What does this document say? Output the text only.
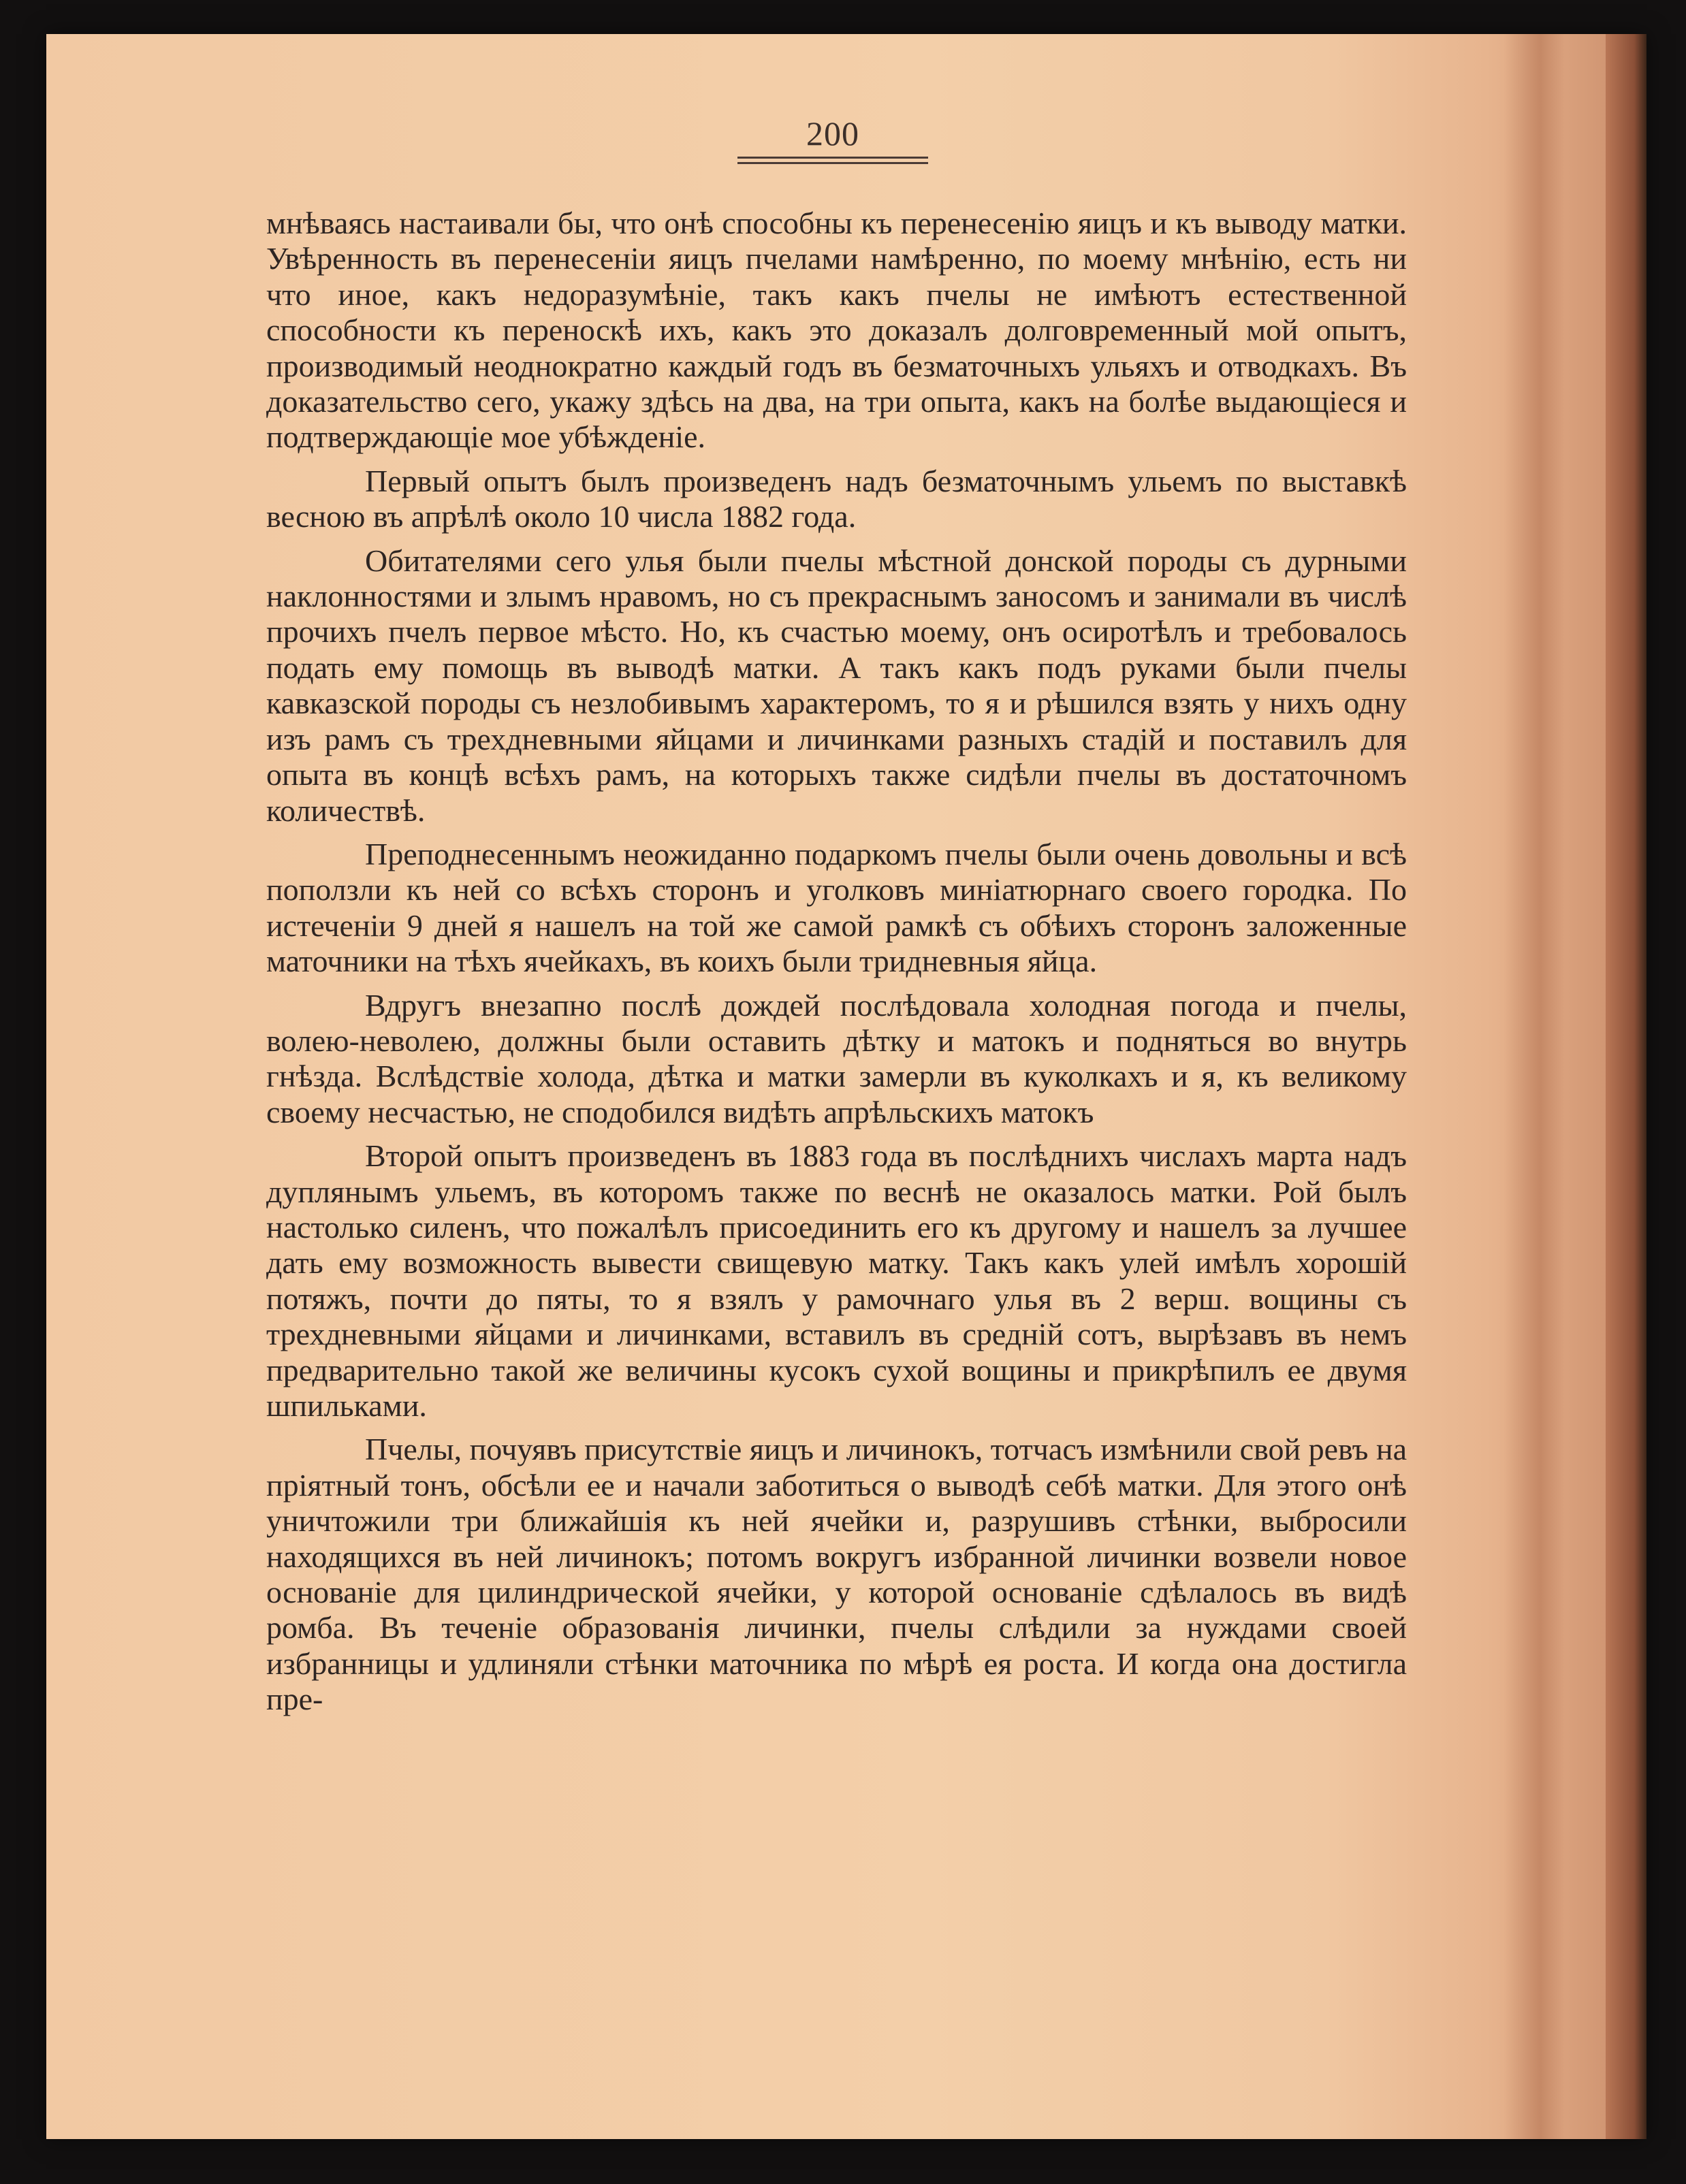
200

мнѣваясь настаивали бы, что онѣ способны къ перенесенію яицъ и къ выводу матки. Увѣренность въ перенесеніи яицъ пчелами намѣренно, по моему мнѣнію, есть ни что иное, какъ недоразумѣніе, такъ какъ пчелы не имѣютъ естественной способности къ переноскѣ ихъ, какъ это доказалъ долговременный мой опытъ, производимый неоднократно каждый годъ въ безматочныхъ ульяхъ и отводкахъ. Въ доказательство сего, укажу здѣсь на два, на три опыта, какъ на болѣе выдающіеся и подтверждающіе мое убѣжденіе.

Первый опытъ былъ произведенъ надъ безматочнымъ ульемъ по выставкѣ весною въ апрѣлѣ около 10 числа 1882 года.

Обитателями сего улья были пчелы мѣстной донской породы съ дурными наклонностями и злымъ нравомъ, но съ прекраснымъ заносомъ и занимали въ числѣ прочихъ пчелъ первое мѣсто. Но, къ счастью моему, онъ осиротѣлъ и требовалось подать ему помощь въ выводѣ матки. А такъ какъ подъ руками были пчелы кавказской породы съ незлобивымъ характеромъ, то я и рѣшился взять у нихъ одну изъ рамъ съ трехдневными яйцами и личинками разныхъ стадій и поставилъ для опыта въ концѣ всѣхъ рамъ, на которыхъ также сидѣли пчелы въ достаточномъ количествѣ.

Преподнесеннымъ неожиданно подаркомъ пчелы были очень довольны и всѣ поползли къ ней со всѣхъ сторонъ и уголковъ миніатюрнаго своего городка. По истеченіи 9 дней я нашелъ на той же самой рамкѣ съ обѣихъ сторонъ заложенные маточники на тѣхъ ячейкахъ, въ коихъ были тридневныя яйца.

Вдругъ внезапно послѣ дождей послѣдовала холодная погода и пчелы, волею-неволею, должны были оставить дѣтку и матокъ и подняться во внутрь гнѣзда. Вслѣдствіе холода, дѣтка и матки замерли въ куколкахъ и я, къ великому своему несчастью, не сподобился видѣть апрѣльскихъ матокъ

Второй опытъ произведенъ въ 1883 года въ послѣднихъ числахъ марта надъ дуплянымъ ульемъ, въ которомъ также по веснѣ не оказалось матки. Рой былъ настолько силенъ, что пожалѣлъ присоединить его къ другому и нашелъ за лучшее дать ему возможность вывести свищевую матку. Такъ какъ улей имѣлъ хорошій потяжъ, почти до пяты, то я взялъ у рамочнаго улья въ 2 верш. вощины съ трехдневными яйцами и личинками, вставилъ въ средній сотъ, вырѣзавъ въ немъ предварительно такой же величины кусокъ сухой вощины и прикрѣпилъ ее двумя шпильками.

Пчелы, почуявъ присутствіе яицъ и личинокъ, тотчасъ измѣнили свой ревъ на пріятный тонъ, обсѣли ее и начали заботиться о выводѣ себѣ матки. Для этого онѣ уничтожили три ближайшія къ ней ячейки и, разрушивъ стѣнки, выбросили находящихся въ ней личинокъ; потомъ вокругъ избранной личинки возвели новое основаніе для цилиндрической ячейки, у которой основаніе сдѣлалось въ видѣ ромба. Въ теченіе образованія личинки, пчелы слѣдили за нуждами своей избранницы и удлиняли стѣнки маточника по мѣрѣ ея роста. И когда она достигла пре-
